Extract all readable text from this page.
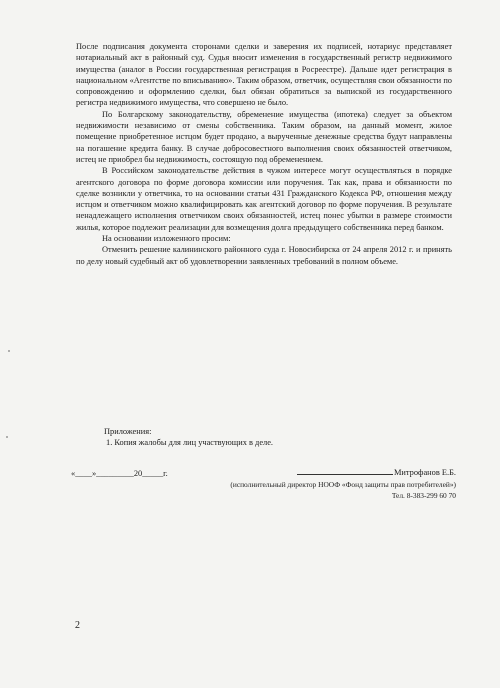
После подписания документа сторонами сделки и заверения их подписей, нотариус представляет нотариальный акт в районный суд. Судья вносит изменения в государственный регистр недвижимого имущества (аналог в России государственная регистрация в Росреестре). Дальше идет регистрация в национальном «Агентстве по вписыванию». Таким образом, ответчик, осуществляя свои обязанности по сопровождению и оформлению сделки, был обязан обратиться за выпиской из государственного регистра недвижимого имущества, что совершено не было.

По Болгарскому законодательству, обременение имущества (ипотека) следует за объектом недвижимости независимо от смены собственника. Таким образом, на данный момент, жилое помещение приобретенное истцом будет продано, а вырученные денежные средства будут направлены на погашение кредита банку. В случае добросовестного выполнения своих обязанностей ответчиком, истец не приобрел бы недвижимость, состоящую под обременением.

В Российском законодательстве действия в чужом интересе могут осуществляться в порядке агентского договора по форме договора комиссии или поручения. Так как, права и обязанности по сделке возникли у ответчика, то на основании статьи 431 Гражданского Кодекса РФ, отношения между истцом и ответчиком можно квалифицировать как агентский договор по форме поручения. В результате ненадлежащего исполнения ответчиком своих обязанностей, истец понес убытки в размере стоимости жилья, которое подлежит реализации для возмещения долга предыдущего собственника перед банком.

На основании изложенного просим:

Отменить решение калининского районного суда г. Новосибирска от 24 апреля 2012 г. и принять по делу новый судебный акт об удовлетворении заявленных требований в полном объеме.

Приложения:
1. Копия жалобы для лиц участвующих в деле.
«____»_________20_____г.	Митрофанов Е.Б.
(исполнительный директор НООФ «Фонд защиты прав потребителей»)
Тел. 8-383-299 60 70
2
